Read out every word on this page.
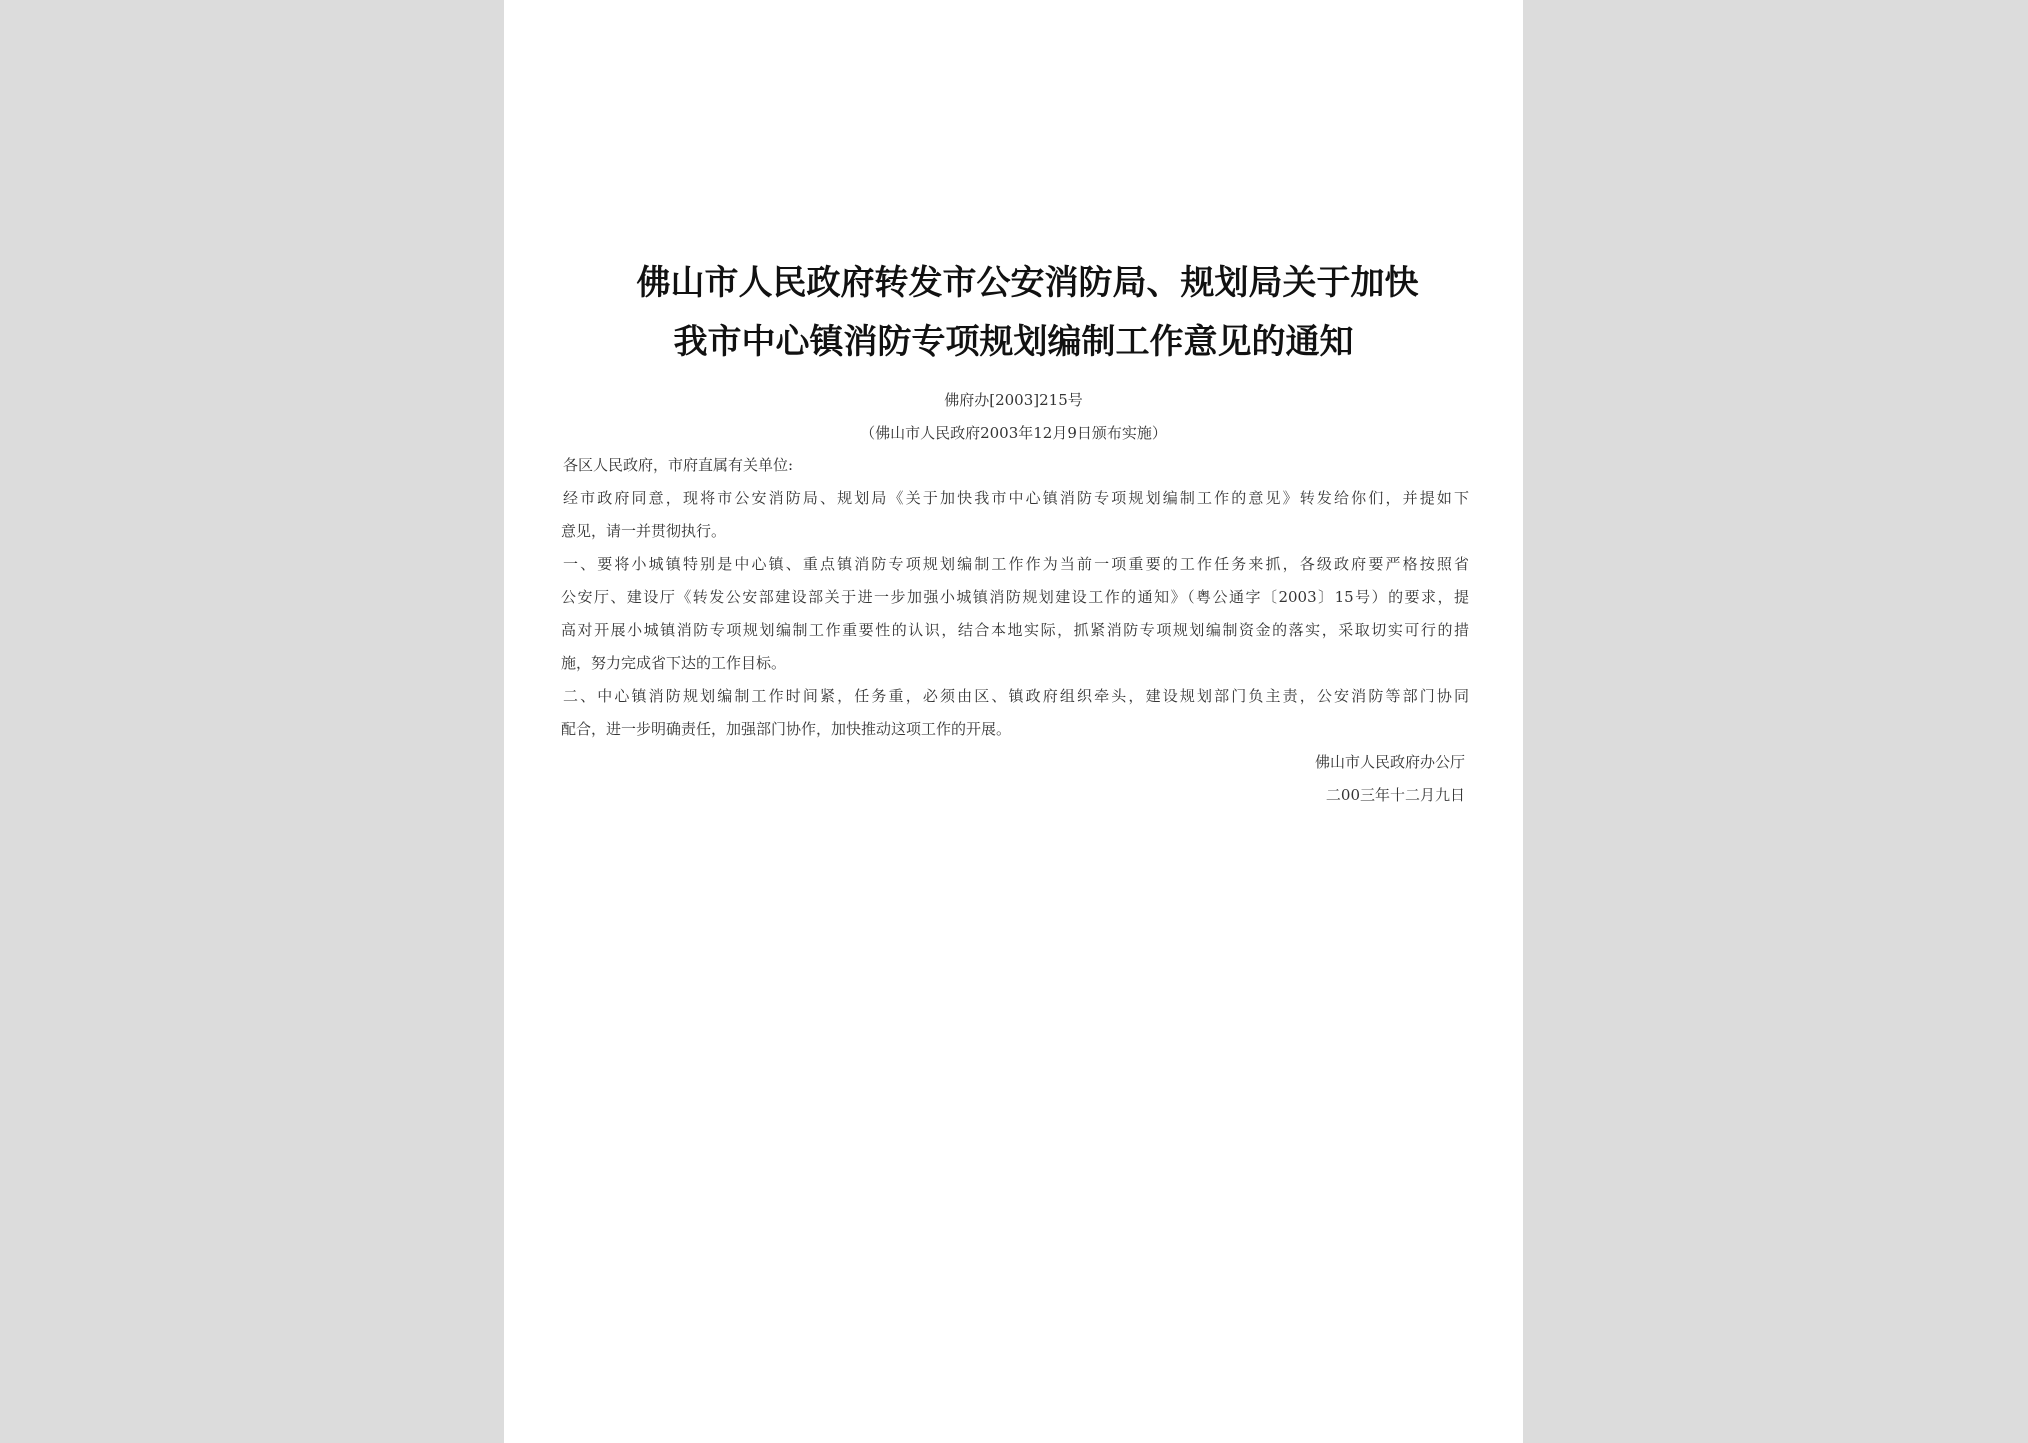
佛山市人民政府转发市公安消防局、规划局关于加快
我市中心镇消防专项规划编制工作意见的通知
佛府办[2003]215号
（佛山市人民政府2003年12月9日颁布实施）
各区人民政府，市府直属有关单位:
经市政府同意，现将市公安消防局、规划局《关于加快我市中心镇消防专项规划编制工作的意见》转发给你们，并提如下
意见，请一并贯彻执行。
一、要将小城镇特别是中心镇、重点镇消防专项规划编制工作作为当前一项重要的工作任务来抓，各级政府要严格按照省
公安厅、建设厅《转发公安部建设部关于进一步加强小城镇消防规划建设工作的通知》（粤公通字〔2003〕15号）的要求，提
高对开展小城镇消防专项规划编制工作重要性的认识，结合本地实际，抓紧消防专项规划编制资金的落实，采取切实可行的措
施，努力完成省下达的工作目标。
二、中心镇消防规划编制工作时间紧，任务重，必须由区、镇政府组织牵头，建设规划部门负主责，公安消防等部门协同
配合，进一步明确责任，加强部门协作，加快推动这项工作的开展。
佛山市人民政府办公厅
二00三年十二月九日
